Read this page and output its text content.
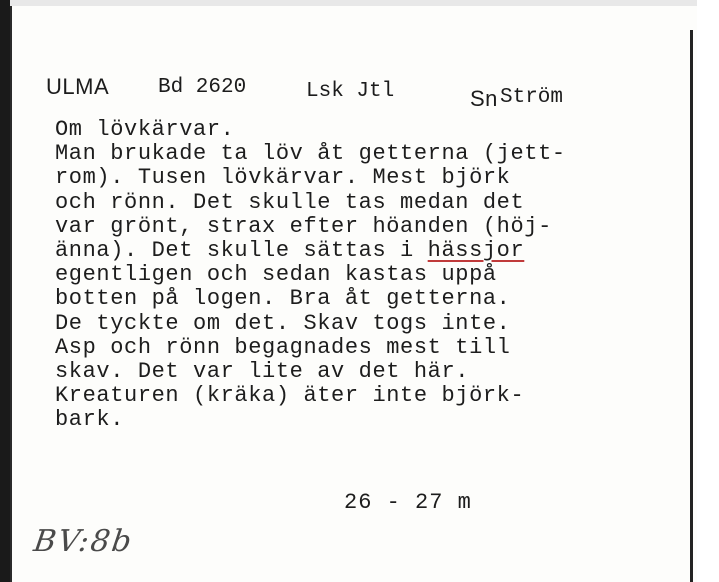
ULMA Bd 2620	Lsk Jtl	Sn Ström
Om lövkärvar.
Man brukade ta löv åt getterna (jett-
rom). Tusen lövkärvar. Mest björk
och rönn. Det skulle tas medan det
var grönt, strax efter höanden (höj-
änna). Det skulle sättas i hässjor
egentligen och sedan kastas uppå
botten på logen. Bra åt getterna.
De tyckte om det. Skav togs inte.
Asp och rönn begagnades mest till
skav. Det var lite av det här.
Kreaturen (kräka) äter inte björk-
bark.
26 - 27 m
BV:8b
